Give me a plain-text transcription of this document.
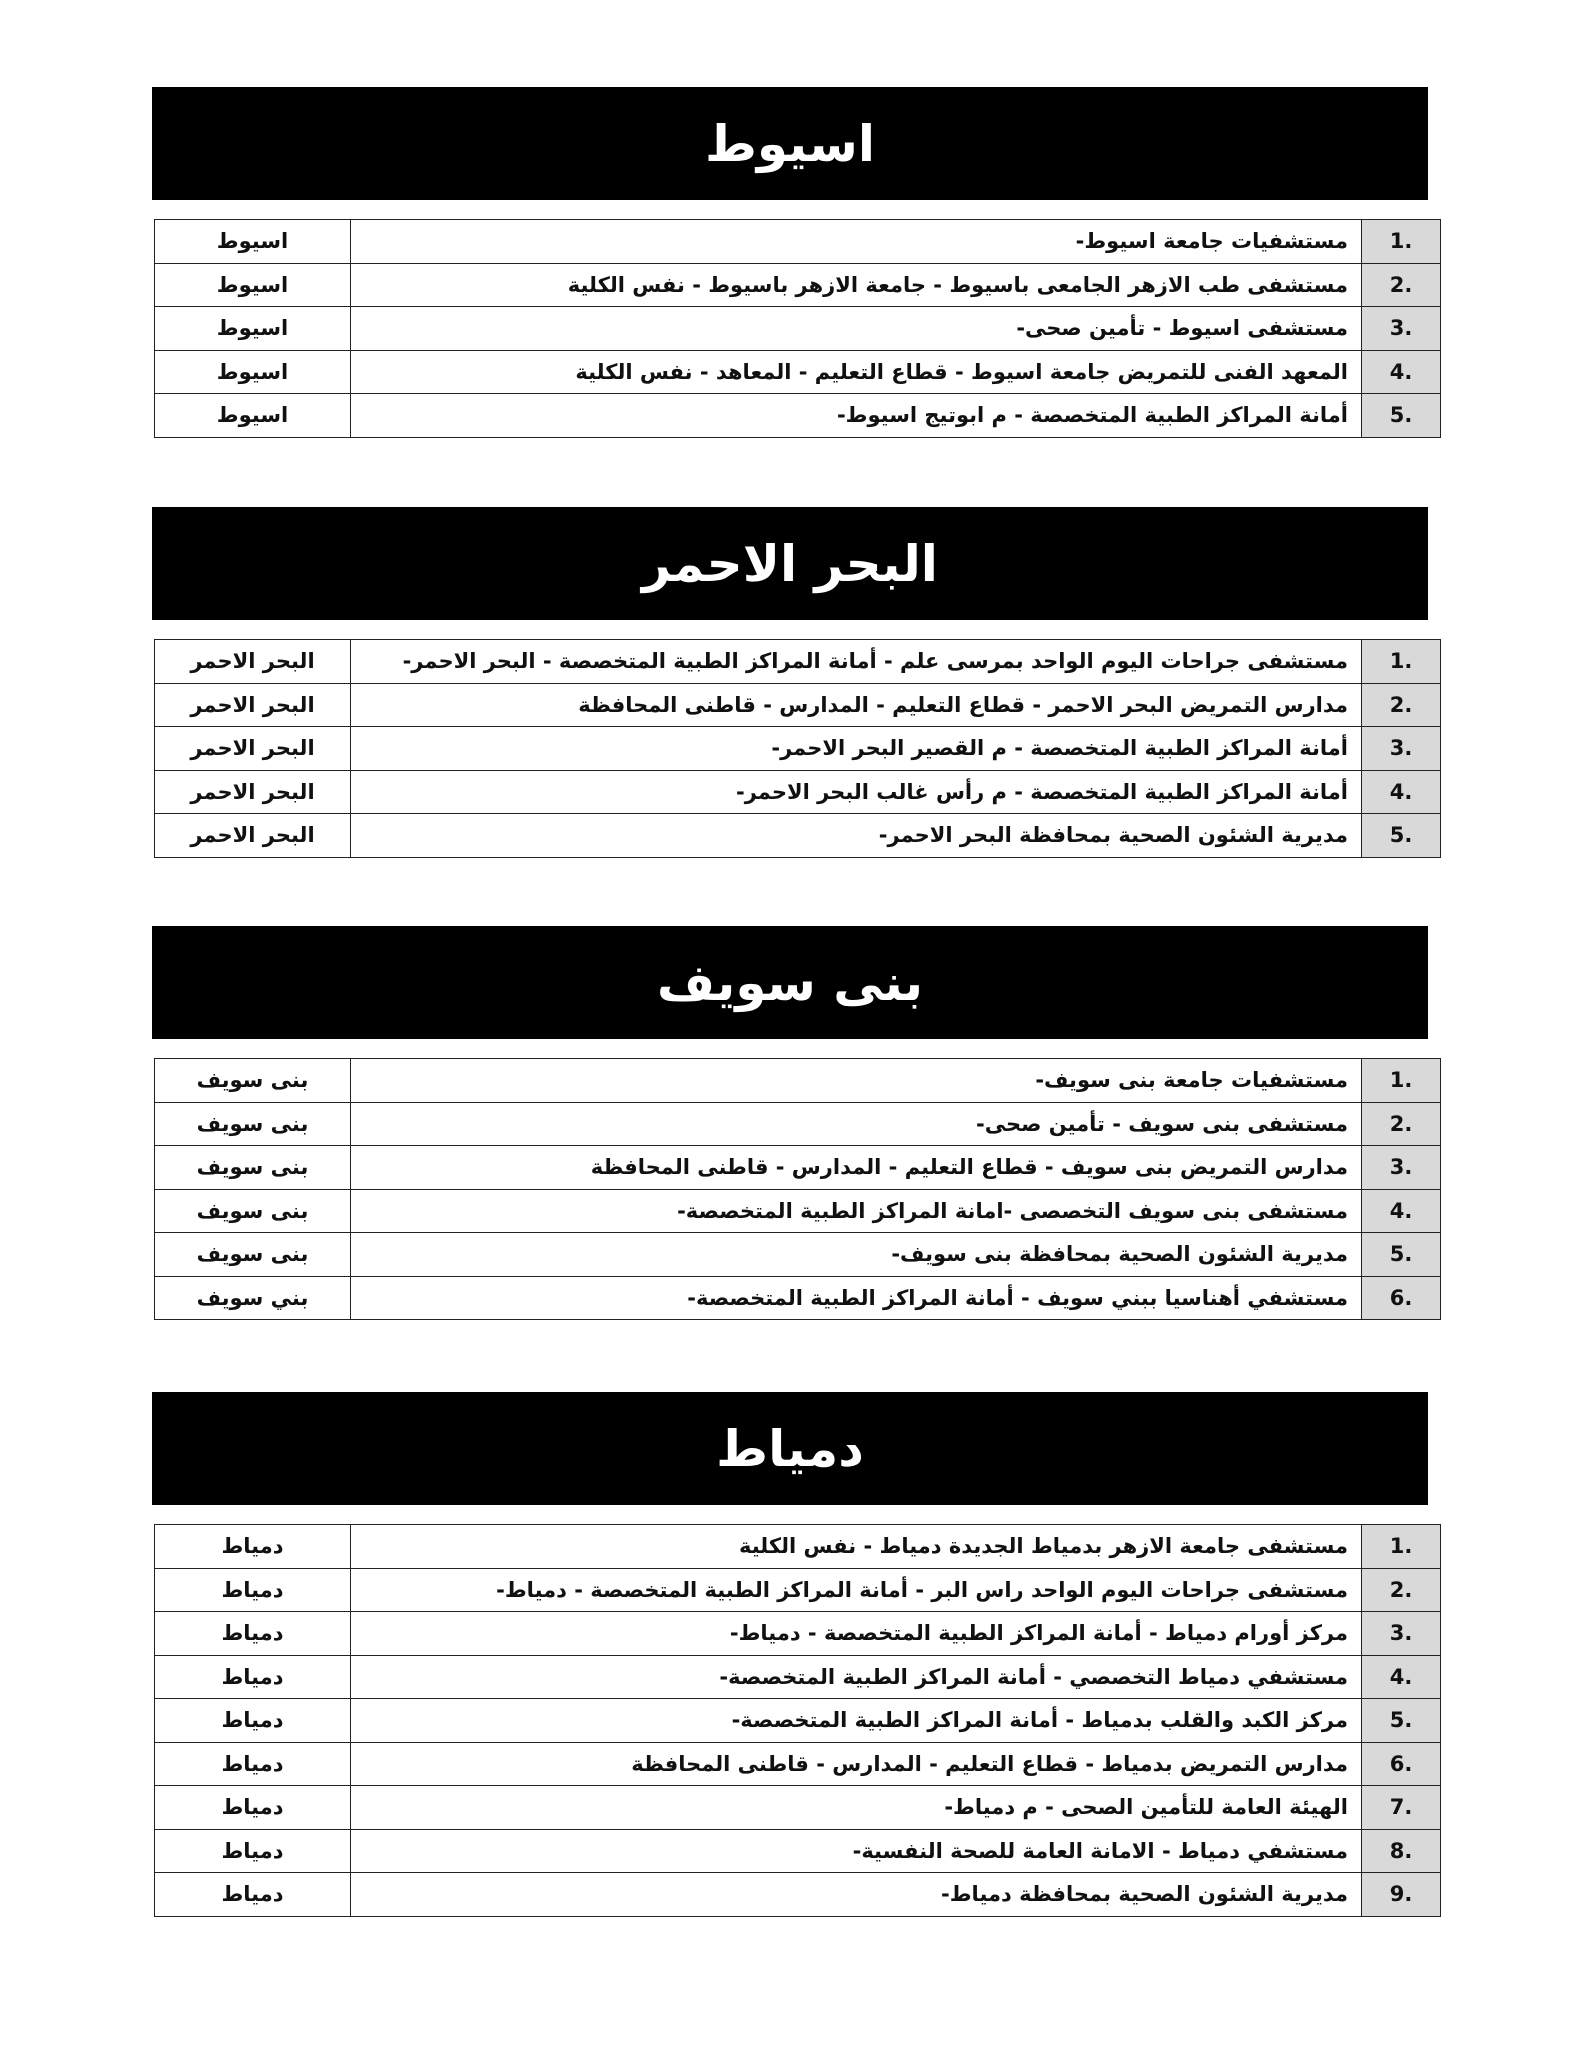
اسيوط
1.	مستشفيات جامعة اسيوط-	اسيوط
2.	مستشفى طب الازهر الجامعى باسيوط - جامعة الازهر باسيوط - نفس الكلية	اسيوط
3.	مستشفى اسيوط - تأمين صحى-	اسيوط
4.	المعهد الفنى للتمريض جامعة اسيوط - قطاع التعليم - المعاهد - نفس الكلية	اسيوط
5.	أمانة المراكز الطبية المتخصصة - م ابوتيج اسيوط-	اسيوط
البحر الاحمر
1.	مستشفى جراحات اليوم الواحد بمرسى علم - أمانة المراكز الطبية المتخصصة - البحر الاحمر-	البحر الاحمر
2.	مدارس التمريض البحر الاحمر - قطاع التعليم - المدارس - قاطنى المحافظة	البحر الاحمر
3.	أمانة المراكز الطبية المتخصصة - م القصير البحر الاحمر-	البحر الاحمر
4.	أمانة المراكز الطبية المتخصصة - م رأس غالب البحر الاحمر-	البحر الاحمر
5.	مديرية الشئون الصحية بمحافظة البحر الاحمر-	البحر الاحمر
بنى سويف
1.	مستشفيات جامعة بنى سويف-	بنى سويف
2.	مستشفى بنى سويف - تأمين صحى-	بنى سويف
3.	مدارس التمريض بنى سويف - قطاع التعليم - المدارس - قاطنى المحافظة	بنى سويف
4.	مستشفى بنى سويف التخصصى -امانة المراكز الطبية المتخصصة-	بنى سويف
5.	مديرية الشئون الصحية بمحافظة بنى سويف-	بنى سويف
6.	مستشفي أهناسيا ببني سويف - أمانة المراكز الطبية المتخصصة-	بني سويف
دمياط
1.	مستشفى جامعة الازهر بدمياط الجديدة دمياط - نفس الكلية	دمياط
2.	مستشفى جراحات اليوم الواحد راس البر - أمانة المراكز الطبية المتخصصة - دمياط-	دمياط
3.	مركز أورام دمياط - أمانة المراكز الطبية المتخصصة - دمياط-	دمياط
4.	مستشفي دمياط التخصصي - أمانة المراكز الطبية المتخصصة-	دمياط
5.	مركز الكبد والقلب بدمياط - أمانة المراكز الطبية المتخصصة-	دمياط
6.	مدارس التمريض بدمياط - قطاع التعليم - المدارس - قاطنى المحافظة	دمياط
7.	الهيئة العامة للتأمين الصحى - م دمياط-	دمياط
8.	مستشفي دمياط - الامانة العامة للصحة النفسية-	دمياط
9.	مديرية الشئون الصحية بمحافظة دمياط-	دمياط
